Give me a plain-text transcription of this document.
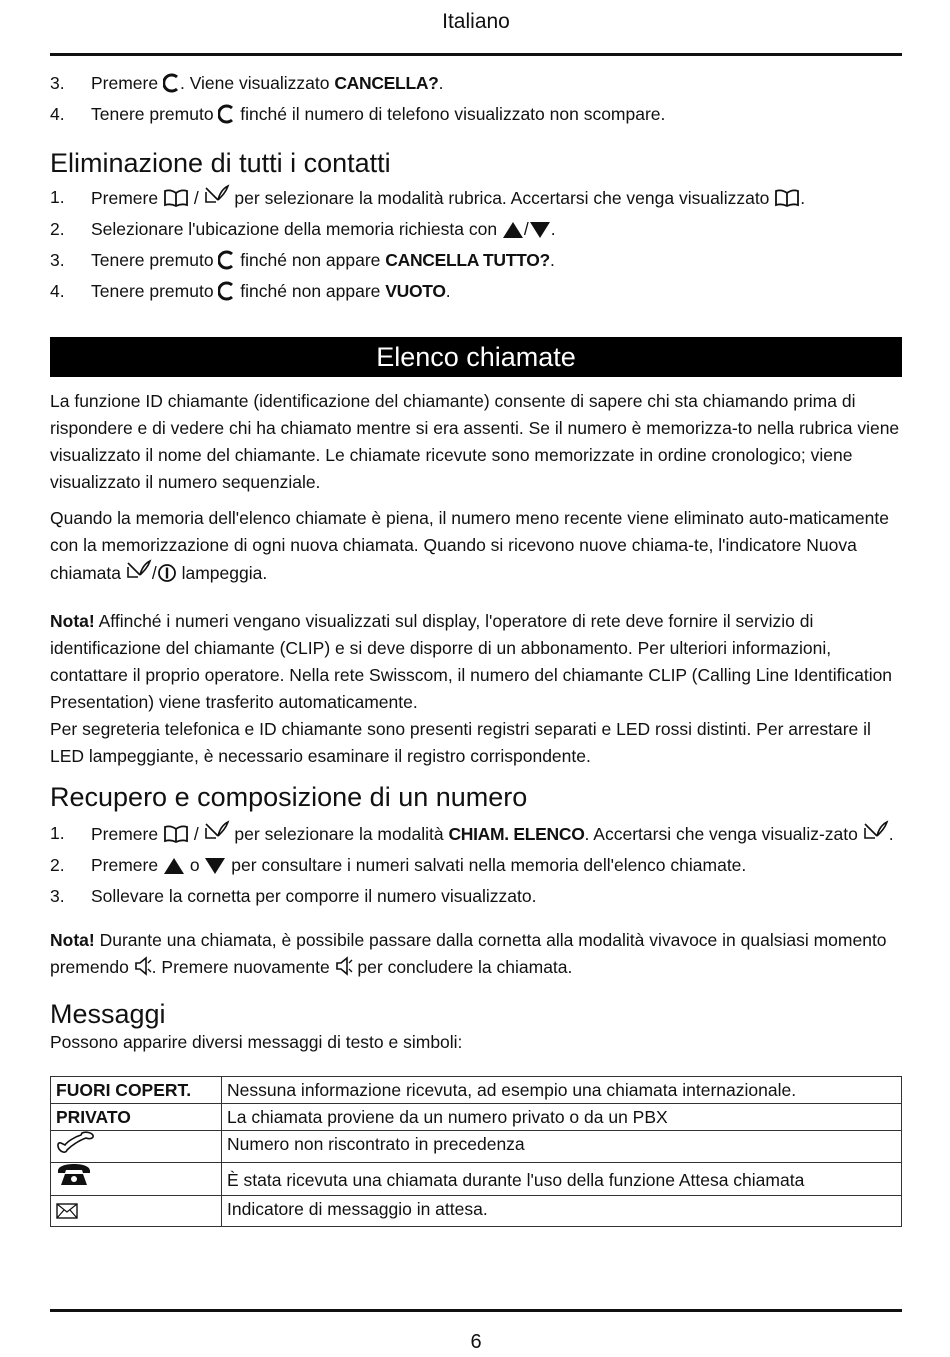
Italiano
3. Premere . Viene visualizzato CANCELLA?.
4. Tenere premuto  finché il numero di telefono visualizzato non scompare.
Eliminazione di tutti i contatti
1. Premere  /  per selezionare la modalità rubrica. Accertarsi che venga visualizzato .
2. Selezionare l'ubicazione della memoria richiesta con / .
3. Tenere premuto  finché non appare CANCELLA TUTTO?.
4. Tenere premuto  finché non appare VUOTO.
Elenco chiamate

La funzione ID chiamante (identificazione del chiamante) consente di sapere chi sta chiamando prima di rispondere e di vedere chi ha chiamato mentre si era assenti. Se il numero è memorizza-to nella rubrica viene visualizzato il nome del chiamante. Le chiamate ricevute sono memorizzate in ordine cronologico; viene visualizzato il numero sequenziale.

Quando la memoria dell'elenco chiamate è piena, il numero meno recente viene eliminato auto-maticamente con la memorizzazione di ogni nuova chiamata. Quando si ricevono nuove chiama-te, l'indicatore Nuova chiamata / lampeggia.

Nota! Affinché i numeri vengano visualizzati sul display, l'operatore di rete deve fornire il servizio di identificazione del chiamante (CLIP) e si deve disporre di un abbonamento. Per ulteriori informazioni, contattare il proprio operatore. Nella rete Swisscom, il numero del chiamante CLIP (Calling Line Identification Presentation) viene trasferito automaticamente.

Per segreteria telefonica e ID chiamante sono presenti registri separati e LED rossi distinti. Per arrestare il LED lampeggiante, è necessario esaminare il registro corrispondente.

Recupero e composizione di un numero
1. Premere  /  per selezionare la modalità CHIAM. ELENCO. Accertarsi che venga visualiz-zato .
2. Premere  o  per consultare i numeri salvati nella memoria dell'elenco chiamate.
3. Sollevare la cornetta per comporre il numero visualizzato.

Nota! Durante una chiamata, è possibile passare dalla cornetta alla modalità vivavoce in qualsiasi momento premendo . Premere nuovamente  per concludere la chiamata.

Messaggi

Possono apparire diversi messaggi di testo e simboli:

FUORI COPERT.	Nessuna informazione ricevuta, ad esempio una chiamata internazionale.
PRIVATO	La chiamata proviene da un numero privato o da un PBX
	Numero non riscontrato in precedenza
	È stata ricevuta una chiamata durante l'uso della funzione Attesa chiamata
	Indicatore di messaggio in attesa.
6
